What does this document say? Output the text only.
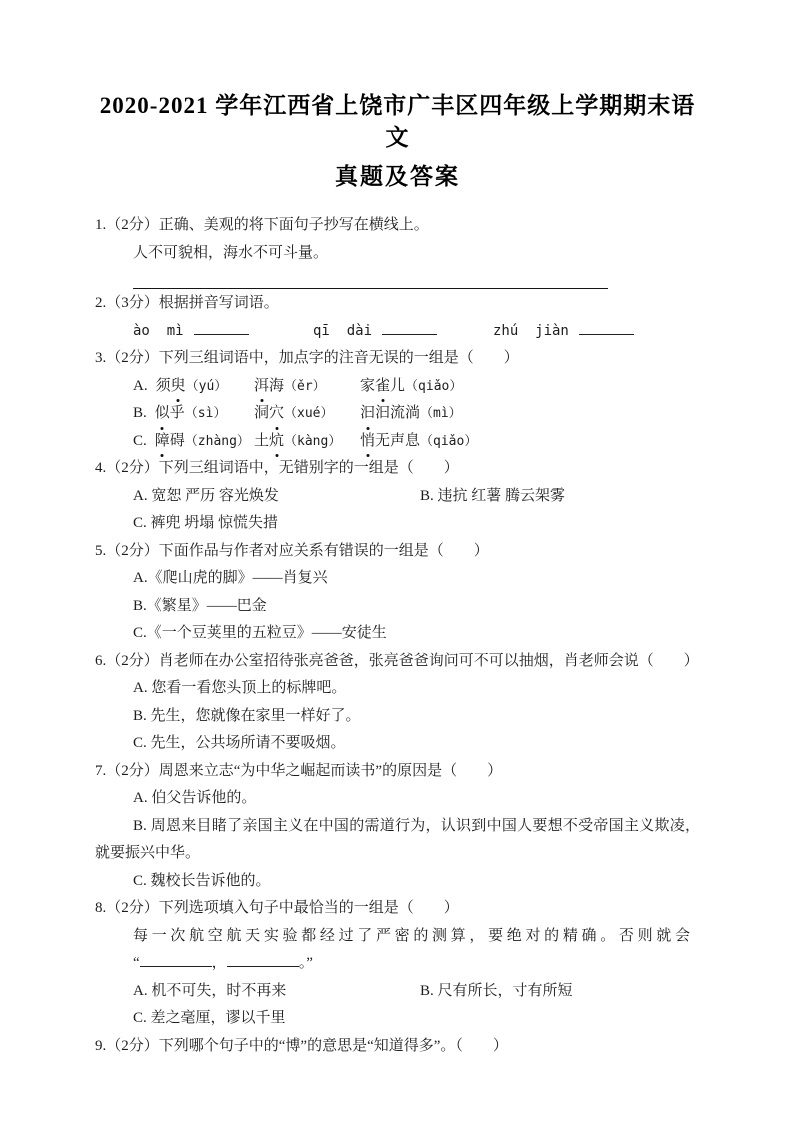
2020-2021 学年江西省上饶市广丰区四年级上学期期末语文
真题及答案
1.（2分）正确、美观的将下面句子抄写在横线上。
人不可貌相，海水不可斗量。
2.（3分）根据拼音写词语。
ào  mì	qī  dài	zhú  jiàn
3.（2分）下列三组词语中，加点字的注音无误的一组是（　　）
A. 须臾（yú）	洱海（ěr）	家雀儿（qiǎo）
B. 似乎（sì）	洞穴（xué）	汩汩流淌（mì）
C. 障碍（zhàng） 土炕（kàng）	悄无声息（qiǎo）
4.（2分）下列三组词语中，无错别字的一组是（　　）
A. 宽恕 严历 容光焕发	B. 违抗 红薯 腾云架雾
C. 裤兜 坍塌 惊慌失措
5.（2分）下面作品与作者对应关系有错误的一组是（　　）
A.《爬山虎的脚》——肖复兴
B.《繁星》——巴金
C.《一个豆荚里的五粒豆》——安徒生
6.（2分）肖老师在办公室招待张亮爸爸，张亮爸爸询问可不可以抽烟，肖老师会说（　　）
A. 您看一看您头顶上的标牌吧。
B. 先生，您就像在家里一样好了。
C. 先生，公共场所请不要吸烟。
7.（2分）周恩来立志“为中华之崛起而读书”的原因是（　　）
A. 伯父告诉他的。
B. 周恩来目睹了亲国主义在中国的需道行为，认识到中国人要想不受帝国主义欺凌，就要振兴中华。
C. 魏校长告诉他的。
8.（2分）下列选项填入句子中最恰当的一组是（　　）
每一次航空航天实验都经过了严密的测算，要绝对的精确。否则就会
“	，	。”
A. 机不可失，时不再来	B. 尺有所长，寸有所短
C. 差之毫厘，谬以千里
9.（2分）下列哪个句子中的“博”的意思是“知道得多”。（　　）
